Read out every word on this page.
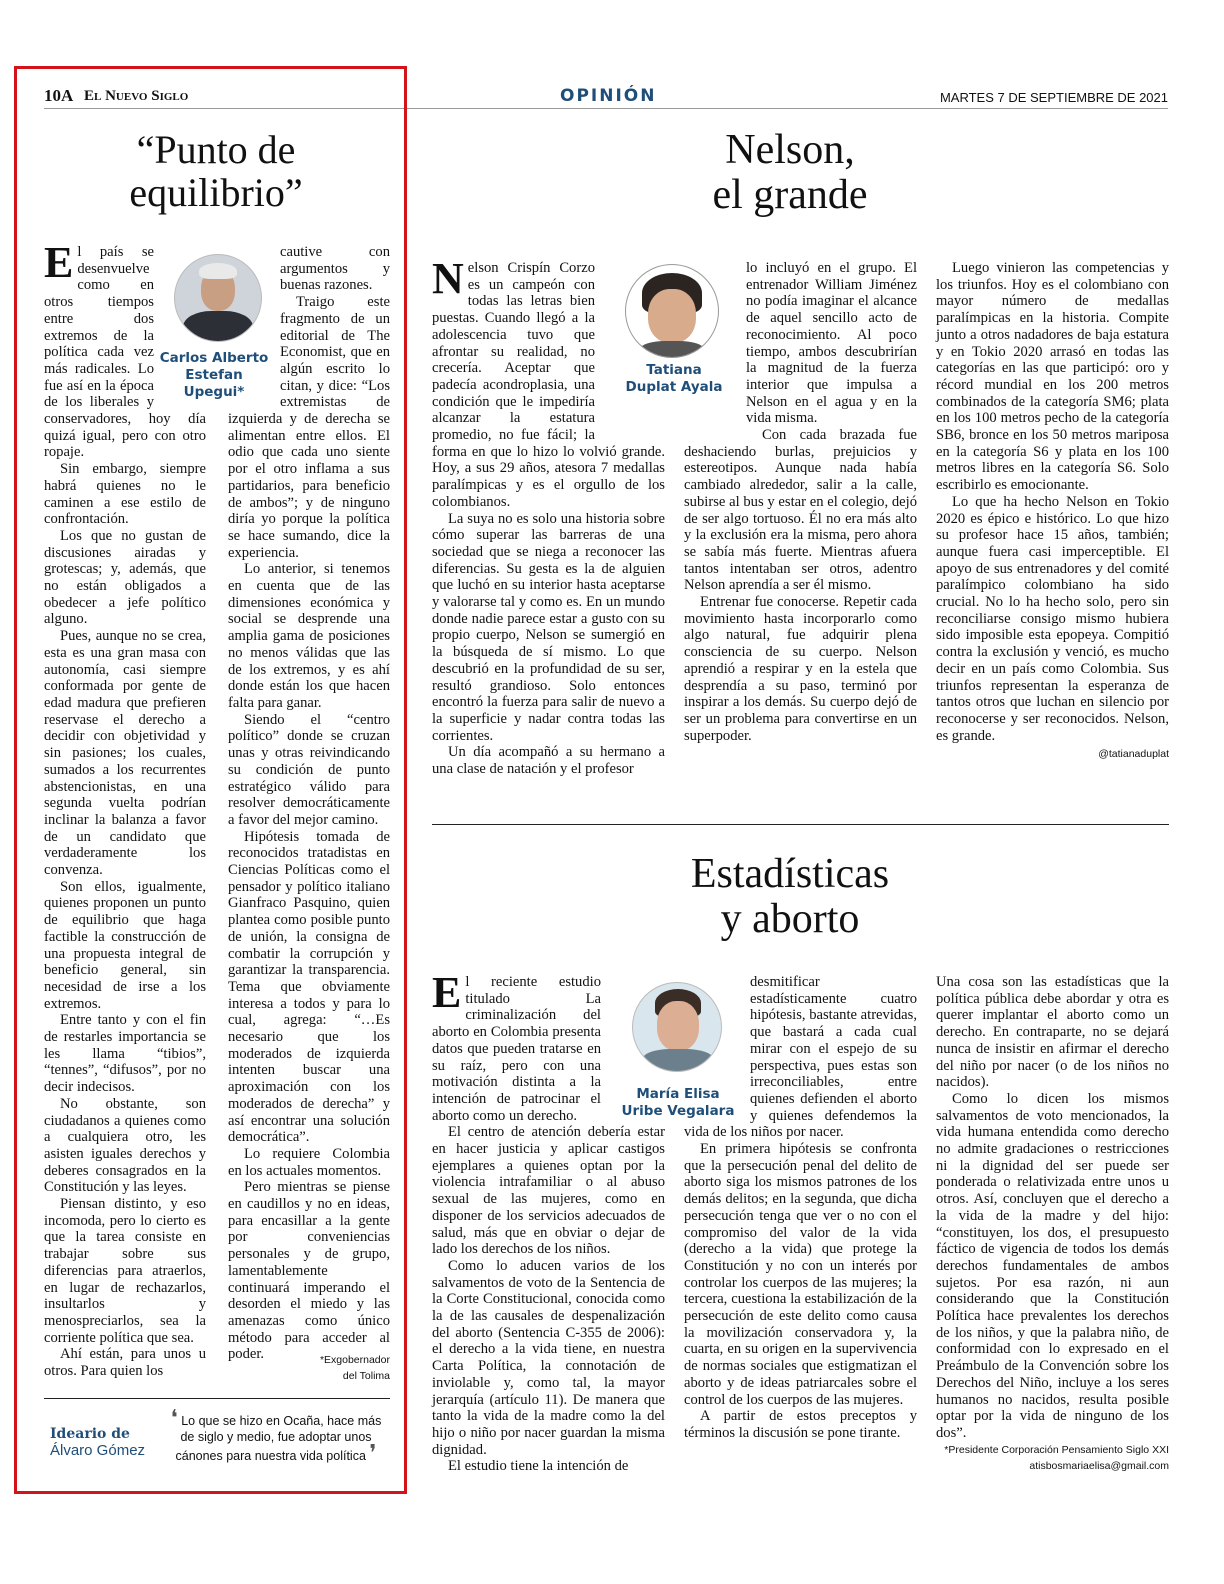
10A El Nuevo Siglo	OPINIÓN	MARTES 7 DE SEPTIEMBRE DE 2021
“Punto de
equilibrio”
Carlos Alberto
Estefan
Upegui*

El país se desenvuelve como en otros tiempos entre dos extremos de la política cada vez más radicales. Lo fue así en la época de los liberales y conservadores, hoy día quizá igual, pero con otro ropaje.

Sin embargo, siempre habrá quienes no le caminen a ese estilo de confrontación.

Los que no gustan de discusiones airadas y grotescas; y, además, que no están obligados a obedecer a jefe político alguno.

Pues, aunque no se crea, esta es una gran masa con autonomía, casi siempre conformada por gente de edad madura que prefieren reservase el derecho a decidir con objetividad y sin pasiones; los cuales, sumados a los recurrentes abstencionistas, en una segunda vuelta podrían inclinar la balanza a favor de un candidato que verdaderamente los convenza.

Son ellos, igualmente, quienes proponen un punto de equilibrio que haga factible la construcción de una propuesta integral de beneficio general, sin necesidad de irse a los extremos.

Entre tanto y con el fin de restarles importancia se les llama “tibios”, “tennes”, “difusos”, por no decir indecisos.

No obstante, son ciudadanos a quienes como a cualquiera otro, les asisten iguales derechos y deberes consagrados en la Constitución y las leyes.

Piensan distinto, y eso incomoda, pero lo cierto es que la tarea consiste en trabajar sobre sus diferencias para atraerlos, en lugar de rechazarlos, insultarlos y menospreciarlos, sea la corriente política que sea.

Ahí están, para unos u otros. Para quien los

cautive con argumentos y buenas razones.

Traigo este fragmento de un editorial de The Economist, que en algún escrito lo citan, y dice: “Los extremistas de izquierda y de derecha se alimentan entre ellos. El odio que cada uno siente por el otro inflama a sus partidarios, para beneficio de ambos”; y de ninguno diría yo porque la política se hace sumando, dice la experiencia.

Lo anterior, si tenemos en cuenta que de las dimensiones económica y social se desprende una amplia gama de posiciones no menos válidas que las de los extremos, y es ahí donde están los que hacen falta para ganar.

Siendo el “centro político” donde se cruzan unas y otras reivindicando su condición de punto estratégico válido para resolver democráticamente a favor del mejor camino.

Hipótesis tomada de reconocidos tratadistas en Ciencias Políticas como el pensador y político italiano Gianfraco Pasquino, quien plantea como posible punto de unión, la consigna de combatir la corrupción y garantizar la transparencia. Tema que obviamente interesa a todos y para lo cual, agrega: “…Es necesario que los moderados de izquierda intenten buscar una aproximación con los moderados de derecha” y así encontrar una solución democrática”.

Lo requiere Colombia en los actuales momentos.

Pero mientras se piense en caudillos y no en ideas, para encasillar a la gente por conveniencias personales y de grupo, lamentablemente continuará imperando el desorden el miedo y las amenazas como único método para acceder al poder.	*Exgobernador
del Tolima
Ideario de
Álvaro Gómez
❛ Lo que se hizo en Ocaña, hace más de siglo y medio, fue adoptar unos cánones para nuestra vida política ❜
Nelson,
el grande
Tatiana
Duplat Ayala

Nelson Crispín Corzo es un campeón con todas las letras bien puestas. Cuando llegó a la adolescencia tuvo que afrontar su realidad, no crecería. Aceptar que padecía acondroplasia, una condición que le impediría alcanzar la estatura promedio, no fue fácil; la forma en que lo hizo lo volvió grande. Hoy, a sus 29 años, atesora 7 medallas paralímpicas y es el orgullo de los colombianos.

La suya no es solo una historia sobre cómo superar las barreras de una sociedad que se niega a reconocer las diferencias. Su gesta es la de alguien que luchó en su interior hasta aceptarse y valorarse tal y como es. En un mundo donde nadie parece estar a gusto con su propio cuerpo, Nelson se sumergió en la búsqueda de sí mismo. Lo que descubrió en la profundidad de su ser, resultó grandioso. Solo entonces encontró la fuerza para salir de nuevo a la superficie y nadar contra todas las corrientes.

Un día acompañó a su hermano a una clase de natación y el profesor

lo incluyó en el grupo. El entrenador William Jiménez no podía imaginar el alcance de aquel sencillo acto de reconocimiento. Al poco tiempo, ambos descubrirían la magnitud de la fuerza interior que impulsa a Nelson en el agua y en la vida misma.

Con cada brazada fue deshaciendo burlas, prejuicios y estereotipos. Aunque nada había cambiado alrededor, salir a la calle, subirse al bus y estar en el colegio, dejó de ser algo tortuoso. Él no era más alto y la exclusión era la misma, pero ahora se sabía más fuerte. Mientras afuera tantos intentaban ser otros, adentro Nelson aprendía a ser él mismo.

Entrenar fue conocerse. Repetir cada movimiento hasta incorporarlo como algo natural, fue adquirir plena consciencia de su cuerpo. Nelson aprendió a respirar y en la estela que desprendía a su paso, terminó por inspirar a los demás. Su cuerpo dejó de ser un problema para convertirse en un superpoder.

Luego vinieron las competencias y los triunfos. Hoy es el colombiano con mayor número de medallas paralímpicas en la historia. Compite junto a otros nadadores de baja estatura y en Tokio 2020 arrasó en todas las categorías en las que participó: oro y récord mundial en los 200 metros combinados de la categoría SM6; plata en los 100 metros pecho de la categoría SB6, bronce en los 50 metros mariposa en la categoría S6 y plata en los 100 metros libres en la categoría S6. Solo escribirlo es emocionante.

Lo que ha hecho Nelson en Tokio 2020 es épico e histórico. Lo que hizo su profesor hace 15 años, también; aunque fuera casi imperceptible. El apoyo de sus entrenadores y del comité paralímpico colombiano ha sido crucial. No lo ha hecho solo, pero sin reconciliarse consigo mismo hubiera sido imposible esta epopeya. Compitió contra la exclusión y venció, es mucho decir en un país como Colombia. Sus triunfos representan la esperanza de tantos otros que luchan en silencio por reconocerse y ser reconocidos. Nelson, es grande.

@tatianaduplat
Estadísticas
y aborto
María Elisa
Uribe Vegalara

El reciente estudio titulado La criminalización del aborto en Colombia presenta datos que pueden tratarse en su raíz, pero con una motivación distinta a la intención de patrocinar el aborto como un derecho.

El centro de atención debería estar en hacer justicia y aplicar castigos ejemplares a quienes optan por la violencia intrafamiliar o al abuso sexual de las mujeres, como en disponer de los servicios adecuados de salud, más que en obviar o dejar de lado los derechos de los niños.

Como lo aducen varios de los salvamentos de voto de la Sentencia de la Corte Constitucional, conocida como la de las causales de despenalización del aborto (Sentencia C-355 de 2006): el derecho a la vida tiene, en nuestra Carta Política, la connotación de inviolable y, como tal, la mayor jerarquía (artículo 11). De manera que tanto la vida de la madre como la del hijo o niño por nacer guardan la misma dignidad.

El estudio tiene la intención de

desmitificar estadísticamente cuatro hipótesis, bastante atrevidas, que bastará a cada cual mirar con el espejo de su perspectiva, pues estas son irreconciliables, entre quienes defienden el aborto y quienes defendemos la vida de los niños por nacer.

En primera hipótesis se confronta que la persecución penal del delito de aborto siga los mismos patrones de los demás delitos; en la segunda, que dicha persecución tenga que ver o no con el compromiso del valor de la vida (derecho a la vida) que protege la Constitución y no con un interés por controlar los cuerpos de las mujeres; la tercera, cuestiona la estabilización de la persecución de este delito como causa la movilización conservadora y, la cuarta, en su origen en la supervivencia de normas sociales que estigmatizan el aborto y de ideas patriarcales sobre el control de los cuerpos de las mujeres.

A partir de estos preceptos y términos la discusión se pone tirante.

Una cosa son las estadísticas que la política pública debe abordar y otra es querer implantar el aborto como un derecho. En contraparte, no se dejará nunca de insistir en afirmar el derecho del niño por nacer (o de los niños no nacidos).

Como lo dicen los mismos salvamentos de voto mencionados, la vida humana entendida como derecho no admite gradaciones o restricciones ni la dignidad del ser puede ser ponderada o relativizada entre unos u otros. Así, concluyen que el derecho a la vida de la madre y del hijo: “constituyen, los dos, el presupuesto fáctico de vigencia de todos los demás derechos fundamentales de ambos sujetos. Por esa razón, ni aun considerando que la Constitución Política hace prevalentes los derechos de los niños, y que la palabra niño, de conformidad con lo expresado en el Preámbulo de la Convención sobre los Derechos del Niño, incluye a los seres humanos no nacidos, resulta posible optar por la vida de ninguno de los dos”.

*Presidente Corporación Pensamiento Siglo XXI
atisbosmariaelisa@gmail.com
